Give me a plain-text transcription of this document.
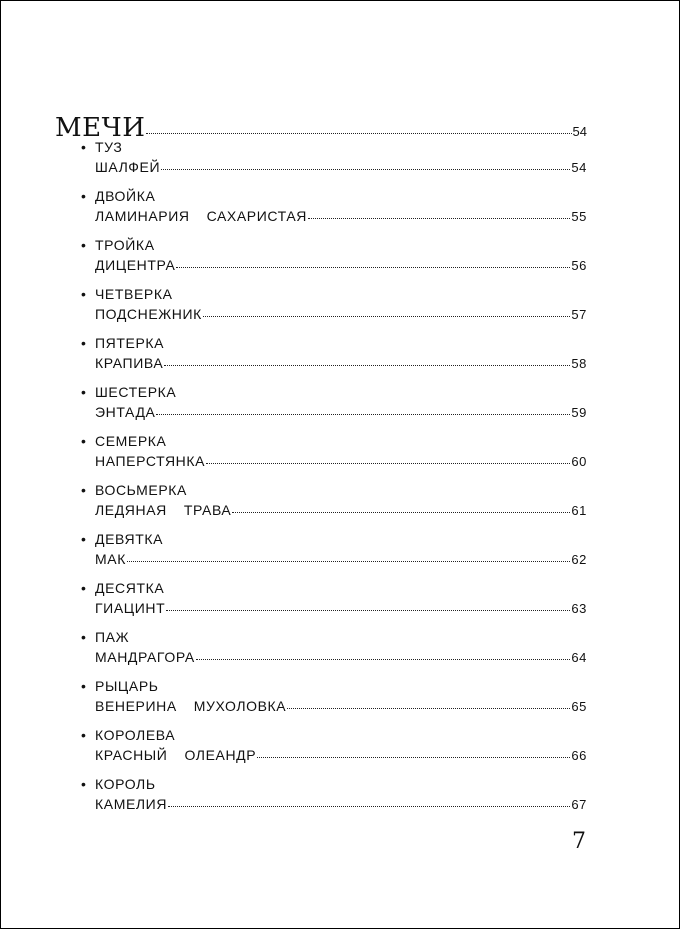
МЕЧИ	54
• ТУЗ
ШАЛФЕЙ	54
• ДВОЙКА
ЛАМИНАРИЯ  САХАРИСТАЯ	55
• ТРОЙКА
ДИЦЕНТРА	56
• ЧЕТВЕРКА
ПОДСНЕЖНИК	57
• ПЯТЕРКА
КРАПИВА	58
• ШЕСТЕРКА
ЭНТАДА	59
• СЕМЕРКА
НАПЕРСТЯНКА	60
• ВОСЬМЕРКА
ЛЕДЯНАЯ  ТРАВА	61
• ДЕВЯТКА
МАК	62
• ДЕСЯТКА
ГИАЦИНТ	63
• ПАЖ
МАНДРАГОРА	64
• РЫЦАРЬ
ВЕНЕРИНА  МУХОЛОВКА	65
• КОРОЛЕВА
КРАСНЫЙ  ОЛЕАНДР	66
• КОРОЛЬ
КАМЕЛИЯ	67
7
